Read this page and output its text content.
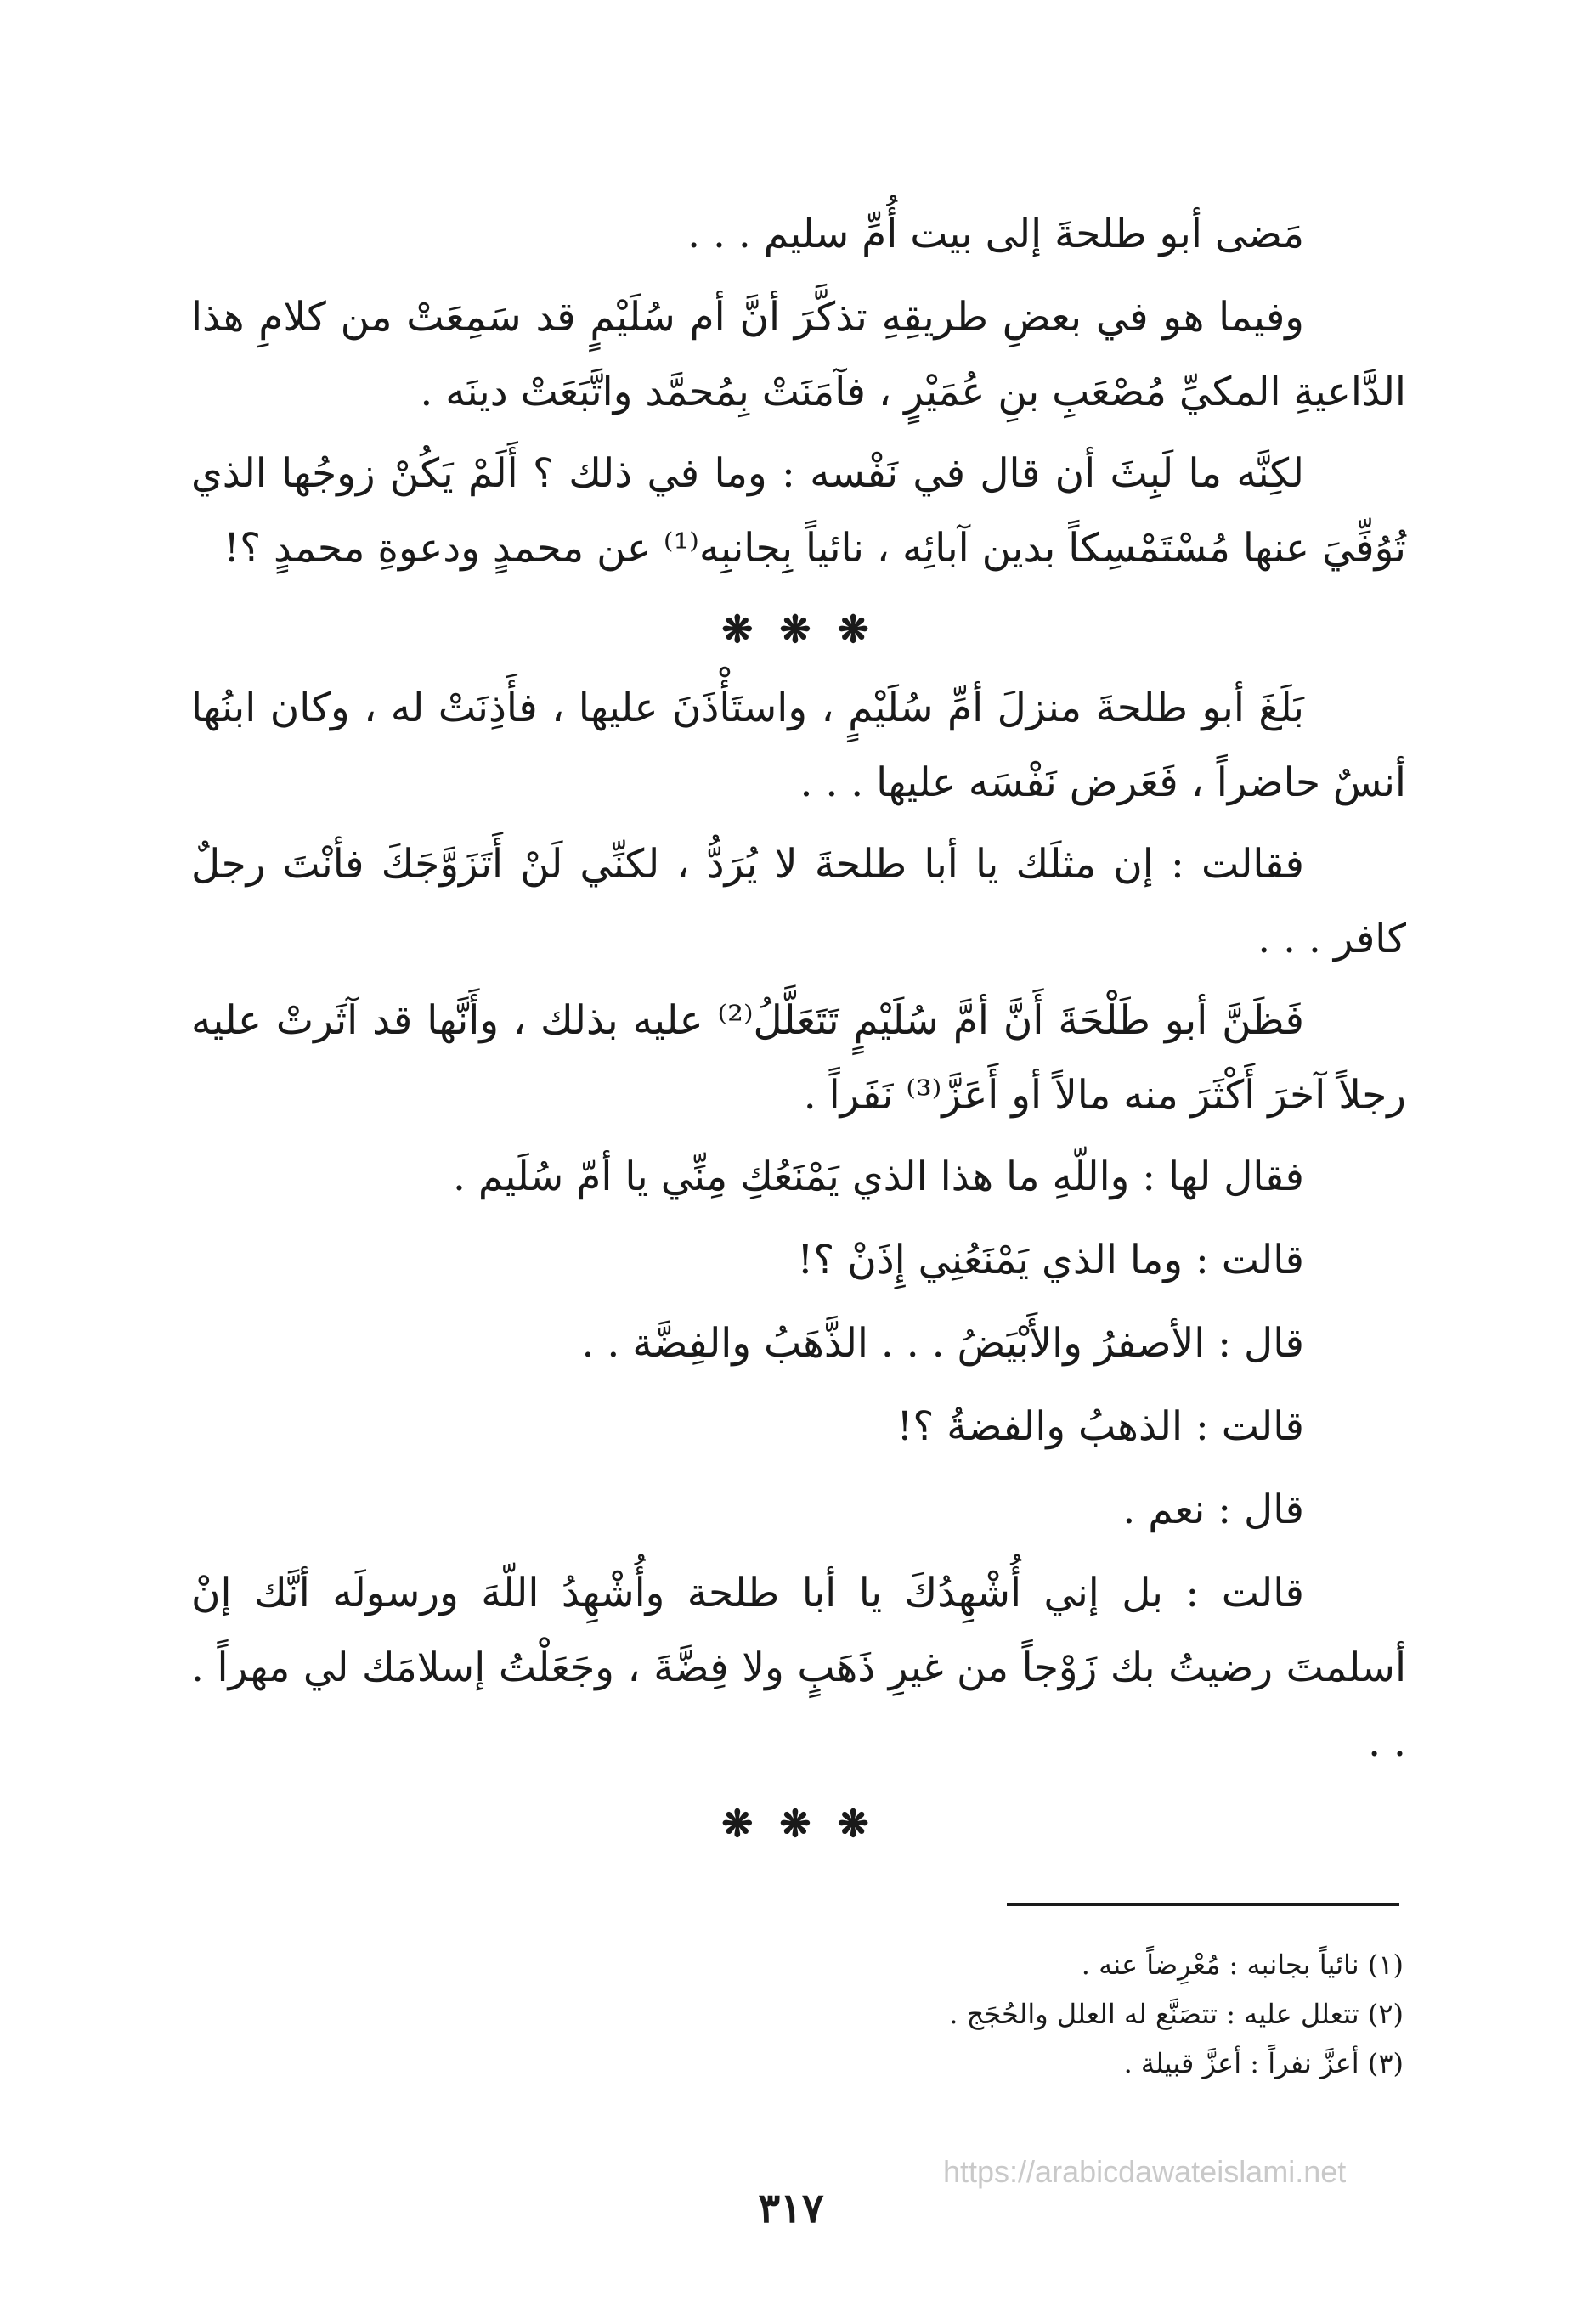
مَضى أبو طلحةَ إلى بيت أُمِّ سليم . . .

وفيما هو في بعضِ طريقِهِ تذكَّرَ أنَّ أم سُلَيْمٍ قد سَمِعَتْ من كلامِ هذا الدَّاعيةِ المكيِّ مُصْعَبِ بنِ عُمَيْرٍ ، فآمَنَتْ بِمُحمَّد واتَّبَعَتْ دينَه .

لكِنَّه ما لَبِثَ أن قال في نَفْسه : وما في ذلك ؟ أَلَمْ يَكُنْ زوجُها الذي تُوُفِّيَ عنها مُسْتَمْسِكاً بدين آبائِه ، نائياً بِجانبِه⁽¹⁾ عن محمدٍ ودعوةِ محمدٍ ؟!

❋ ❋ ❋

بَلَغَ أبو طلحةَ منزلَ أمِّ سُلَيْمٍ ، واستَأْذَنَ عليها ، فأَذِنَتْ له ، وكان ابنُها أنسٌ حاضراً ، فَعَرض نَفْسَه عليها . . .

فقالت : إن مثلَك يا أبا طلحةَ لا يُرَدُّ ، لكنِّي لَنْ أَتَزَوَّجَكَ فأنْتَ رجلٌ كافر . . .

فَظَنَّ أبو طَلْحَةَ أَنَّ أمَّ سُلَيْمٍ تَتَعَلَّلُ⁽²⁾ عليه بذلك ، وأَنَّها قد آثَرتْ عليه رجلاً آخرَ أَكْثَرَ منه مالاً أو أَعَزَّ⁽³⁾ نَفَراً .

فقال لها : واللّهِ ما هذا الذي يَمْنَعُكِ مِنِّي يا أمّ سُلَيم .

قالت : وما الذي يَمْنَعُنِي إِذَنْ ؟!

قال : الأصفرُ والأَبْيَضُ . . . الذَّهَبُ والفِضَّة . .

قالت : الذهبُ والفضةُ ؟!

قال : نعم .

قالت : بل إني أُشْهِدُكَ يا أبا طلحة وأُشْهِدُ اللّهَ ورسولَه أنَّك إنْ أسلمتَ رضيتُ بك زَوْجاً من غيرِ ذَهَبٍ ولا فِضَّةَ ، وجَعَلْتُ إسلامَك لي مهراً . . .

❋ ❋ ❋

(١) نائياً بجانبه : مُعْرِضاً عنه .

(٢) تتعلل عليه : تتصَنَّع له العلل والحُجَج .

(٣) أعزَّ نفراً : أعزَّ قبيلة .

https://arabicdawateislami.net
٣١٧
